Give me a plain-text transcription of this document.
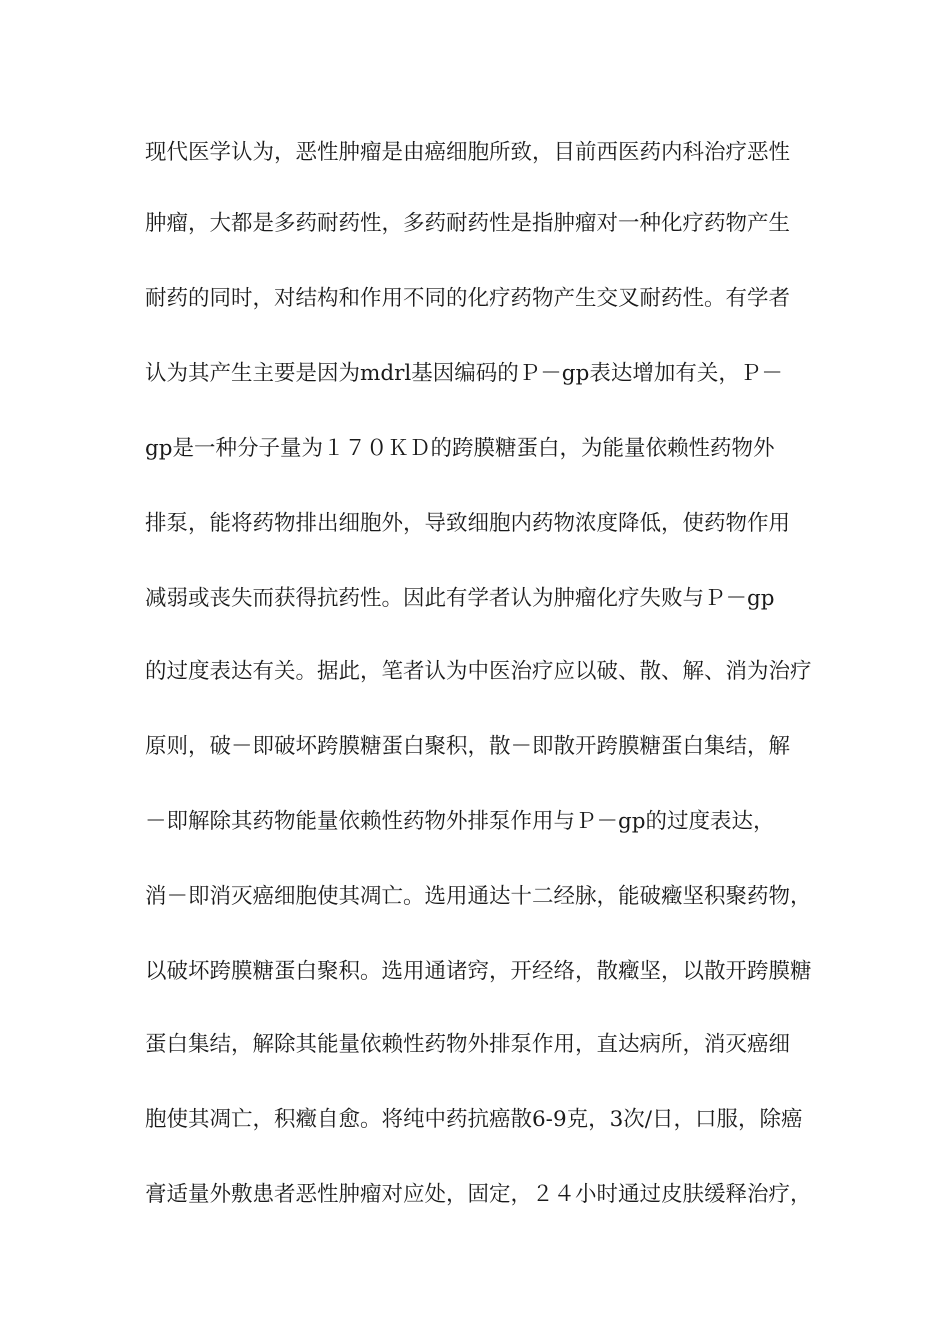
现代医学认为，恶性肿瘤是由癌细胞所致，目前西医药内科治疗恶性

肿瘤，大都是多药耐药性，多药耐药性是指肿瘤对一种化疗药物产生

耐药的同时，对结构和作用不同的化疗药物产生交叉耐药性。有学者

认为其产生主要是因为mdrl基因编码的Ｐ－gp表达增加有关，Ｐ－

gp是一种分子量为１７０ＫＤ的跨膜糖蛋白，为能量依赖性药物外

排泵，能将药物排出细胞外，导致细胞内药物浓度降低，使药物作用

减弱或丧失而获得抗药性。因此有学者认为肿瘤化疗失败与Ｐ－gp

的过度表达有关。据此，笔者认为中医治疗应以破、散、解、消为治疗

原则，破－即破坏跨膜糖蛋白聚积，散－即散开跨膜糖蛋白集结，解

－即解除其药物能量依赖性药物外排泵作用与Ｐ－gp的过度表达，

消－即消灭癌细胞使其凋亡。选用通达十二经脉，能破癥坚积聚药物，

以破坏跨膜糖蛋白聚积。选用通诸窍，开经络，散癥坚，以散开跨膜糖

蛋白集结，解除其能量依赖性药物外排泵作用，直达病所，消灭癌细

胞使其凋亡，积癥自愈。将纯中药抗癌散6-9克，3次/日，口服，除癌

膏适量外敷患者恶性肿瘤对应处，固定，２４小时通过皮肤缓释治疗，
